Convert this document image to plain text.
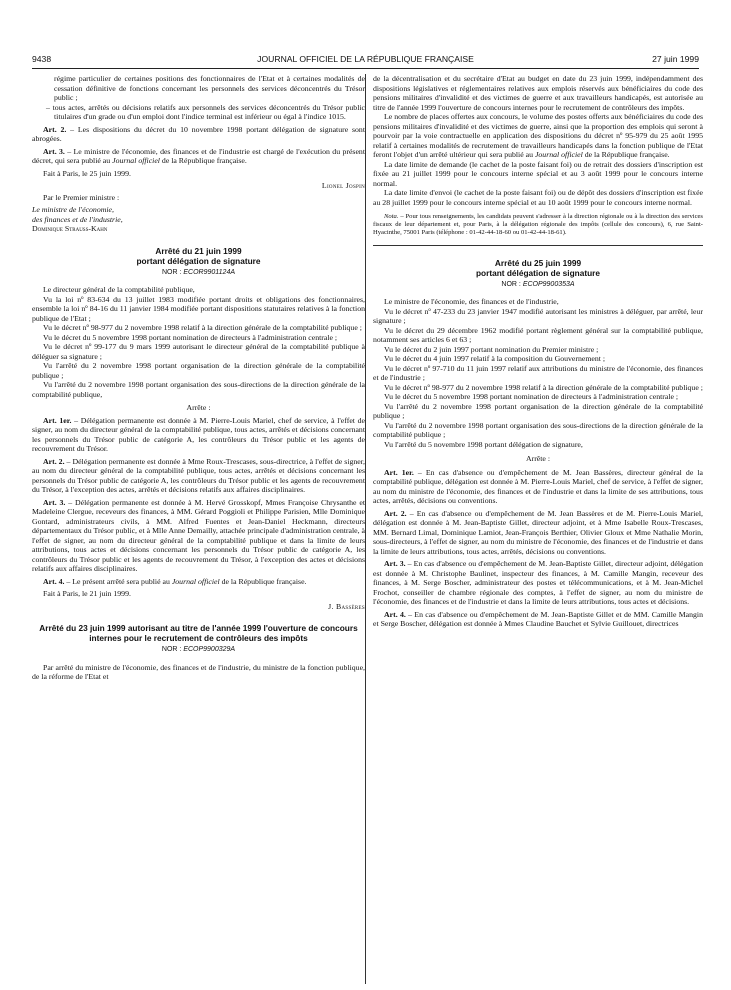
9438	JOURNAL OFFICIEL DE LA RÉPUBLIQUE FRANÇAISE	27 juin 1999

régime particulier de certaines positions des fonctionnaires de l'Etat et à certaines modalités de cessation définitive de fonctions concernant les personnels des services déconcentrés du Trésor public ;

– tous actes, arrêtés ou décisions relatifs aux personnels des services déconcentrés du Trésor public titulaires d'un grade ou d'un emploi dont l'indice terminal est inférieur ou égal à l'indice 1015.

Art. 2. – Les dispositions du décret du 10 novembre 1998 portant délégation de signature sont abrogées.

Art. 3. – Le ministre de l'économie, des finances et de l'industrie est chargé de l'exécution du présent décret, qui sera publié au Journal officiel de la République française.

Fait à Paris, le 25 juin 1999.

Lionel Jospin

Par le Premier ministre :

Le ministre de l'économie,

des finances et de l'industrie,

Dominique Strauss-Kahn

Arrêté du 21 juin 1999

portant délégation de signature

NOR : ECOR9901124A

Le directeur général de la comptabilité publique,

Vu la loi nº 83-634 du 13 juillet 1983 modifiée portant droits et obligations des fonctionnaires, ensemble la loi nº 84-16 du 11 janvier 1984 modifiée portant dispositions statutaires relatives à la fonction publique de l'Etat ;

Vu le décret nº 98-977 du 2 novembre 1998 relatif à la direction générale de la comptabilité publique ;

Vu le décret du 5 novembre 1998 portant nomination de directeurs à l'administration centrale ;

Vu le décret nº 99-177 du 9 mars 1999 autorisant le directeur général de la comptabilité publique à déléguer sa signature ;

Vu l'arrêté du 2 novembre 1998 portant organisation de la direction générale de la comptabilité publique ;

Vu l'arrêté du 2 novembre 1998 portant organisation des sous-directions de la direction générale de la comptabilité publique,

Arrête :

Art. 1er. – Délégation permanente est donnée à M. Pierre-Louis Mariel, chef de service, à l'effet de signer, au nom du directeur général de la comptabilité publique, tous actes, arrêtés et décisions concernant les personnels du Trésor public de catégorie A, les contrôleurs du Trésor public et les agents de recouvrement du Trésor.

Art. 2. – Délégation permanente est donnée à Mme Roux-Trescases, sous-directrice, à l'effet de signer, au nom du directeur général de la comptabilité publique, tous actes, arrêtés et décisions concernant les personnels du Trésor public de catégorie A, les contrôleurs du Trésor public et les agents de recouvrement du Trésor, à l'exception des actes, arrêtés et décisions relatifs aux affaires disciplinaires.

Art. 3. – Délégation permanente est donnée à M. Hervé Grosskopf, Mmes Françoise Chrysanthe et Madeleine Clergue, receveurs des finances, à MM. Gérard Poggioli et Philippe Parisien, Mlle Dominique Gontard, administrateurs civils, à MM. Alfred Fuentes et Jean-Daniel Heckmann, directeurs départementaux du Trésor public, et à Mlle Anne Demailly, attachée principale d'administration centrale, à l'effet de signer, au nom du directeur général de la comptabilité publique et dans la limite de leurs attributions, tous actes et décisions concernant les personnels du Trésor public de catégorie A, les contrôleurs du Trésor public et les agents de recouvrement du Trésor, à l'exception des actes et décisions relatifs aux affaires disciplinaires.

Art. 4. – Le présent arrêté sera publié au Journal officiel de la République française.

Fait à Paris, le 21 juin 1999.

J. Bassères

Arrêté du 23 juin 1999 autorisant au titre de l'année 1999 l'ouverture de concours internes pour le recrutement de contrôleurs des impôts

NOR : ECOP9900329A

Par arrêté du ministre de l'économie, des finances et de l'industrie, du ministre de la fonction publique, de la réforme de l'Etat et

de la décentralisation et du secrétaire d'Etat au budget en date du 23 juin 1999, indépendamment des dispositions législatives et réglementaires relatives aux emplois réservés aux bénéficiaires du code des pensions militaires d'invalidité et des victimes de guerre et aux travailleurs handicapés, est autorisée au titre de l'année 1999 l'ouverture de concours internes pour le recrutement de contrôleurs des impôts.

Le nombre de places offertes aux concours, le volume des postes offerts aux bénéficiaires du code des pensions militaires d'invalidité et des victimes de guerre, ainsi que la proportion des emplois qui seront à pourvoir par la voie contractuelle en application des dispositions du décret nº 95-979 du 25 août 1995 relatif à certaines modalités de recrutement de travailleurs handicapés dans la fonction publique de l'Etat feront l'objet d'un arrêté ultérieur qui sera publié au Journal officiel de la République française.

La date limite de demande (le cachet de la poste faisant foi) ou de retrait des dossiers d'inscription est fixée au 21 juillet 1999 pour le concours interne spécial et au 3 août 1999 pour le concours interne normal.

La date limite d'envoi (le cachet de la poste faisant foi) ou de dépôt des dossiers d'inscription est fixée au 28 juillet 1999 pour le concours interne spécial et au 10 août 1999 pour le concours interne normal.

Nota. – Pour tous renseignements, les candidats peuvent s'adresser à la direction régionale ou à la direction des services fiscaux de leur département et, pour Paris, à la délégation régionale des impôts (cellule des concours), 6, rue Saint-Hyacinthe, 75001 Paris (téléphone : 01-42-44-18-60 ou 01-42-44-18-61).

Arrêté du 25 juin 1999

portant délégation de signature

NOR : ECOP9900353A

Le ministre de l'économie, des finances et de l'industrie,

Vu le décret nº 47-233 du 23 janvier 1947 modifié autorisant les ministres à déléguer, par arrêté, leur signature ;

Vu le décret du 29 décembre 1962 modifié portant règlement général sur la comptabilité publique, notamment ses articles 6 et 63 ;

Vu le décret du 2 juin 1997 portant nomination du Premier ministre ;

Vu le décret du 4 juin 1997 relatif à la composition du Gouvernement ;

Vu le décret nº 97-710 du 11 juin 1997 relatif aux attributions du ministre de l'économie, des finances et de l'industrie ;

Vu le décret nº 98-977 du 2 novembre 1998 relatif à la direction générale de la comptabilité publique ;

Vu le décret du 5 novembre 1998 portant nomination de directeurs à l'administration centrale ;

Vu l'arrêté du 2 novembre 1998 portant organisation de la direction générale de la comptabilité publique ;

Vu l'arrêté du 2 novembre 1998 portant organisation des sous-directions de la direction générale de la comptabilité publique ;

Vu l'arrêté du 5 novembre 1998 portant délégation de signature,

Arrête :

Art. 1er. – En cas d'absence ou d'empêchement de M. Jean Bassères, directeur général de la comptabilité publique, délégation est donnée à M. Pierre-Louis Mariel, chef de service, à l'effet de signer, au nom du ministre de l'économie, des finances et de l'industrie et dans la limite de ses attributions, tous actes, arrêtés, décisions ou conventions.

Art. 2. – En cas d'absence ou d'empêchement de M. Jean Bassères et de M. Pierre-Louis Mariel, délégation est donnée à M. Jean-Baptiste Gillet, directeur adjoint, et à Mme Isabelle Roux-Trescases, MM. Bernard Limal, Dominique Lamiot, Jean-François Berthier, Olivier Gloux et Mme Nathalie Morin, sous-directeurs, à l'effet de signer, au nom du ministre de l'économie, des finances et de l'industrie et dans la limite de leurs attributions, tous actes, arrêtés, décisions ou conventions.

Art. 3. – En cas d'absence ou d'empêchement de M. Jean-Baptiste Gillet, directeur adjoint, délégation est donnée à M. Christophe Baulinet, inspecteur des finances, à M. Camille Mangin, receveur des finances, à M. Serge Boscher, administrateur des postes et télécommunications, et à M. Jean-Michel Frochot, conseiller de chambre régionale des comptes, à l'effet de signer, au nom du ministre de l'économie, des finances et de l'industrie et dans la limite de leurs attributions, tous actes et décisions.

Art. 4. – En cas d'absence ou d'empêchement de M. Jean-Baptiste Gillet et de MM. Camille Mangin et Serge Boscher, délégation est donnée à Mmes Claudine Bauchet et Sylvie Guillouet, directrices
